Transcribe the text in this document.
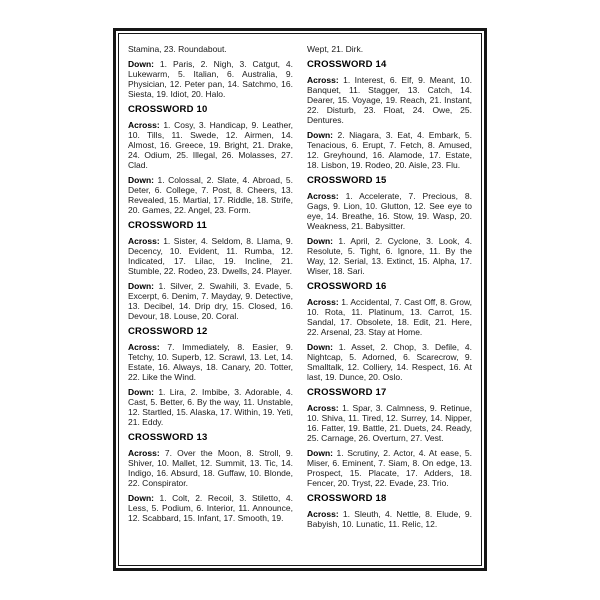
Stamina, 23. Roundabout.

Down: 1. Paris, 2. Nigh, 3. Catgut, 4. Lukewarm, 5. Italian, 6. Australia, 9. Physician, 12. Peter pan, 14. Satchmo, 16. Siesta, 19. Idiot, 20. Halo.

CROSSWORD 10

Across: 1. Cosy, 3. Handicap, 9. Leather, 10. Tills, 11. Swede, 12. Airmen, 14. Almost, 16. Greece, 19. Bright, 21. Drake, 24. Odium, 25. Illegal, 26. Molasses, 27. Clad.

Down: 1. Colossal, 2. Slate, 4. Abroad, 5. Deter, 6. College, 7. Post, 8. Cheers, 13. Revealed, 15. Martial, 17. Riddle, 18. Strife, 20. Games, 22. Angel, 23. Form.

CROSSWORD 11

Across: 1. Sister, 4. Seldom, 8. Llama, 9. Decency, 10. Evident, 11. Rumba, 12. Indicated, 17. Lilac, 19. Incline, 21. Stumble, 22. Rodeo, 23. Dwells, 24. Player.

Down: 1. Silver, 2. Swahili, 3. Evade, 5. Excerpt, 6. Denim, 7. Mayday, 9. Detective, 13. Decibel, 14. Drip dry, 15. Closed, 16. Devour, 18. Louse, 20. Coral.

CROSSWORD 12

Across: 7. Immediately, 8. Easier, 9. Tetchy, 10. Superb, 12. Scrawl, 13. Let, 14. Estate, 16. Always, 18. Canary, 20. Totter, 22. Like the Wind.

Down: 1. Lira, 2. Imbibe, 3. Adorable, 4. Cast, 5. Better, 6. By the way, 11. Unstable, 12. Startled, 15. Alaska, 17. Within, 19. Yeti, 21. Eddy.

CROSSWORD 13

Across: 7. Over the Moon, 8. Stroll, 9. Shiver, 10. Mallet, 12. Summit, 13. Tic, 14. Indigo, 16. Absurd, 18. Guffaw, 10. Blonde, 22. Conspirator.

Down: 1. Colt, 2. Recoil, 3. Stiletto, 4. Less, 5. Podium, 6. Interior, 11. Announce, 12. Scabbard, 15. Infant, 17. Smooth, 19.

Wept, 21. Dirk.

CROSSWORD 14

Across: 1. Interest, 6. Elf, 9. Meant, 10. Banquet, 11. Stagger, 13. Catch, 14. Dearer, 15. Voyage, 19. Reach, 21. Instant, 22. Disturb, 23. Float, 24. Owe, 25. Dentures.

Down: 2. Niagara, 3. Eat, 4. Embark, 5. Tenacious, 6. Erupt, 7. Fetch, 8. Amused, 12. Greyhound, 16. Alamode, 17. Estate, 18. Lisbon, 19. Rodeo, 20. Aisle, 23. Flu.

CROSSWORD 15

Across: 1. Accelerate, 7. Precious, 8. Gags, 9. Lion, 10. Glutton, 12. See eye to eye, 14. Breathe, 16. Stow, 19. Wasp, 20. Weakness, 21. Babysitter.

Down: 1. April, 2. Cyclone, 3. Look, 4. Resolute, 5. Tight, 6. Ignore, 11. By the Way, 12. Serial, 13. Extinct, 15. Alpha, 17. Wiser, 18. Sari.

CROSSWORD 16

Across: 1. Accidental, 7. Cast Off, 8. Grow, 10. Rota, 11. Platinum, 13. Carrot, 15. Sandal, 17. Obsolete, 18. Edit, 21. Here, 22. Arsenal, 23. Stay at Home.

Down: 1. Asset, 2. Chop, 3. Defile, 4. Nightcap, 5. Adorned, 6. Scarecrow, 9. Smalltalk, 12. Colliery, 14. Respect, 16. At last, 19. Dunce, 20. Oslo.

CROSSWORD 17

Across: 1. Spar, 3. Calmness, 9. Retinue, 10. Shiva, 11. Tired, 12. Surrey, 14. Nipper, 16. Fatter, 19. Battle, 21. Duets, 24. Ready, 25. Carnage, 26. Overturn, 27. Vest.

Down: 1. Scrutiny, 2. Actor, 4. At ease, 5. Miser, 6. Eminent, 7. Siam, 8. On edge, 13. Prospect, 15. Placate, 17. Adders, 18. Fencer, 20. Tryst, 22. Evade, 23. Trio.

CROSSWORD 18

Across: 1. Sleuth, 4. Nettle, 8. Elude, 9. Babyish, 10. Lunatic, 11. Relic, 12.
